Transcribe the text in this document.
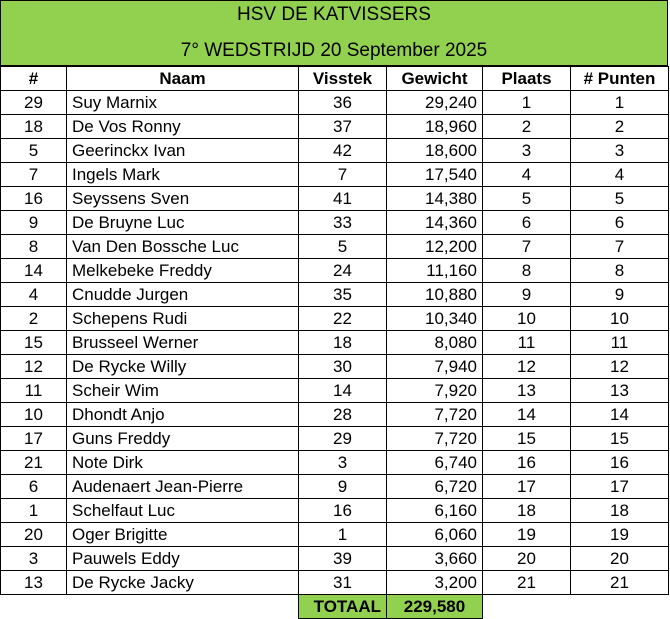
HSV DE KATVISSERS
7° WEDSTRIJD 20 September 2025
#	Naam	Visstek	Gewicht	Plaats	# Punten
29	Suy Marnix	36	29,240	1	1
18	De Vos Ronny	37	18,960	2	2
5	Geerinckx Ivan	42	18,600	3	3
7	Ingels Mark	7	17,540	4	4
16	Seyssens Sven	41	14,380	5	5
9	De Bruyne Luc	33	14,360	6	6
8	Van Den Bossche Luc	5	12,200	7	7
14	Melkebeke Freddy	24	11,160	8	8
4	Cnudde Jurgen	35	10,880	9	9
2	Schepens Rudi	22	10,340	10	10
15	Brusseel Werner	18	8,080	11	11
12	De Rycke Willy	30	7,940	12	12
11	Scheir Wim	14	7,920	13	13
10	Dhondt Anjo	28	7,720	14	14
17	Guns Freddy	29	7,720	15	15
21	Note Dirk	3	6,740	16	16
6	Audenaert Jean-Pierre	9	6,720	17	17
1	Schelfaut Luc	16	6,160	18	18
20	Oger Brigitte	1	6,060	19	19
3	Pauwels Eddy	39	3,660	20	20
13	De Rycke Jacky	31	3,200	21	21
		TOTAAL	229,580		
